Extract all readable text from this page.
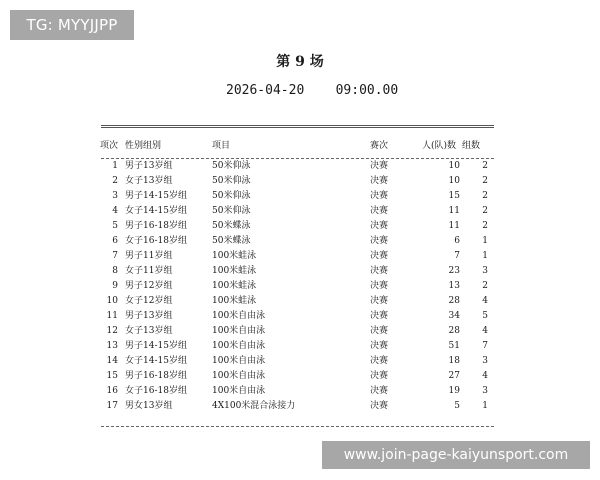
TG: MYYJJPP
第 9 场
2026-04-20 09:00.00
项次 性别组别	项目	赛次	人(队)数 组数
1 男子13岁组	50米仰泳	决赛	10	2
2 女子13岁组	50米仰泳	决赛	10	2
3 男子14-15岁组	50米仰泳	决赛	15	2
4 女子14-15岁组	50米仰泳	决赛	11	2
5 男子16-18岁组	50米蝶泳	决赛	11	2
6 女子16-18岁组	50米蝶泳	决赛	6	1
7 男子11岁组	100米蛙泳	决赛	7	1
8 女子11岁组	100米蛙泳	决赛	23	3
9 男子12岁组	100米蛙泳	决赛	13	2
10 女子12岁组	100米蛙泳	决赛	28	4
11 男子13岁组	100米自由泳	决赛	34	5
12 女子13岁组	100米自由泳	决赛	28	4
13 男子14-15岁组	100米自由泳	决赛	51	7
14 女子14-15岁组	100米自由泳	决赛	18	3
15 男子16-18岁组	100米自由泳	决赛	27	4
16 女子16-18岁组	100米自由泳	决赛	19	3
17 男女13岁组	4X100米混合泳接力	决赛	5	1
www.join-page-kaiyunsport.com
